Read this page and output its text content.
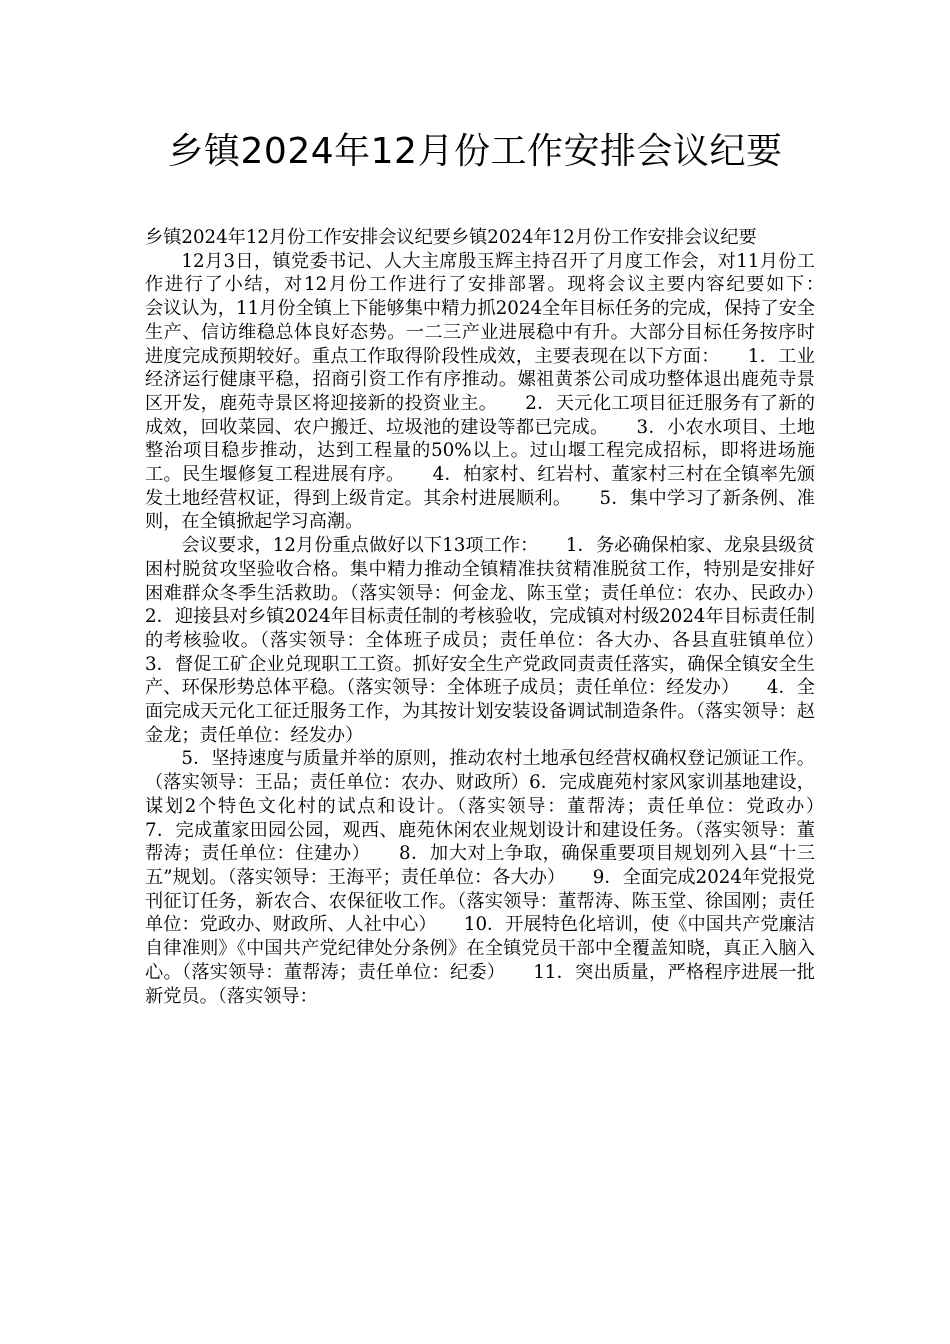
乡镇2024年12月份工作安排会议纪要

乡镇2024年12月份工作安排会议纪要乡镇2024年12月份工作安排会议纪要

12月3日，镇党委书记、人大主席殷玉辉主持召开了月度工作会，对11月份工作进行了小结，对12月份工作进行了安排部署。现将会议主要内容纪要如下：　　　会议认为，11月份全镇上下能够集中精力抓2024全年目标任务的完成，保持了安全生产、信访维稳总体良好态势。一二三产业进展稳中有升。大部分目标任务按序时进度完成预期较好。重点工作取得阶段性成效，主要表现在以下方面：　　1．工业经济运行健康平稳，招商引资工作有序推动。嫘祖黄茶公司成功整体退出鹿苑寺景区开发，鹿苑寺景区将迎接新的投资业主。　　2．天元化工项目征迁服务有了新的成效，回收菜园、农户搬迁、垃圾池的建设等都已完成。　　3．小农水项目、土地整治项目稳步推动，达到工程量的50%以上。过山堰工程完成招标，即将进场施工。民生堰修复工程进展有序。　　4．柏家村、红岩村、董家村三村在全镇率先颁发土地经营权证，得到上级肯定。其余村进展顺利。　　5．集中学习了新条例、准则，在全镇掀起学习高潮。

会议要求，12月份重点做好以下13项工作：　　1．务必确保柏家、龙泉县级贫困村脱贫攻坚验收合格。集中精力推动全镇精准扶贫精准脱贫工作，特别是安排好困难群众冬季生活救助。（落实领导：何金龙、陈玉堂；责任单位：农办、民政办）　　2．迎接县对乡镇2024年目标责任制的考核验收，完成镇对村级2024年目标责任制的考核验收。（落实领导：全体班子成员；责任单位：各大办、各县直驻镇单位）　　3．督促工矿企业兑现职工工资。抓好安全生产党政同责责任落实，确保全镇安全生产、环保形势总体平稳。（落实领导：全体班子成员；责任单位：经发办）　　4．全面完成天元化工征迁服务工作，为其按计划安装设备调试制造条件。（落实领导：赵金龙；责任单位：经发办）

5．坚持速度与质量并举的原则，推动农村土地承包经营权确权登记颁证工作。（落实领导：王品；责任单位：农办、财政所）6．完成鹿苑村家风家训基地建设，谋划2个特色文化村的试点和设计。（落实领导：董帮涛；责任单位：党政办）　　7．完成董家田园公园，观西、鹿苑休闲农业规划设计和建设任务。（落实领导：董帮涛；责任单位：住建办）　　8．加大对上争取，确保重要项目规划列入县“十三五”规划。（落实领导：王海平；责任单位：各大办）　　9．全面完成2024年党报党刊征订任务，新农合、农保征收工作。（落实领导：董帮涛、陈玉堂、徐国刚；责任单位：党政办、财政所、人社中心）　　10．开展特色化培训，使《中国共产党廉洁自律准则》《中国共产党纪律处分条例》在全镇党员干部中全覆盖知晓，真正入脑入心。（落实领导：董帮涛；责任单位：纪委）　　11．突出质量，严格程序进展一批新党员。（落实领导：
